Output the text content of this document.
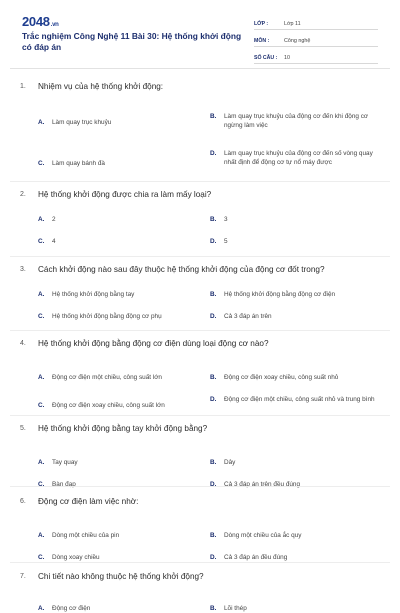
2048.vn
Trắc nghiệm Công Nghệ 11 Bài 30: Hệ thống khởi động có đáp án
LỚP :	Lớp 11
MÔN :	Công nghệ
SỐ CÂU :	10
1.	Nhiệm vụ của hệ thống khởi động:
A.	Làm quay trục khuỷu
B.	Làm quay trục khuỷu của động cơ đến khi động cơ ngừng làm việc
C.	Làm quay bánh đà
D.	Làm quay trục khuỷu của động cơ đến số vòng quay nhất định để động cơ tự nổ máy được
2.	Hệ thống khởi động được chia ra làm mấy loại?
A.	2	B.	3
C.	4	D.	5
3.	Cách khởi động nào sau đây thuộc hệ thống khởi động của động cơ đốt trong?
A.	Hệ thống khởi động bằng tay	B.	Hệ thống khởi động bằng động cơ điện
C.	Hệ thống khởi động bằng động cơ phụ	D.	Cả 3 đáp án trên
4.	Hệ thống khởi động bằng động cơ điện dùng loại động cơ nào?
A.	Động cơ điện một chiều, công suất lớn	B.	Động cơ điện xoay chiều, công suất nhỏ
C.	Động cơ điện xoay chiều, công suất lớn
D.	Động cơ điện một chiều, công suất nhỏ và trung bình
5.	Hệ thống khởi động bằng tay khởi động bằng?
A.	Tay quay	B.	Dây
C.	Bàn đạp	D.	Cả 3 đáp án trên đều đúng
6.	Động cơ điện làm việc nhờ:
A.	Dòng một chiều của pin	B.	Dòng một chiều của ắc quy
C.	Dòng xoay chiều	D.	Cả 3 đáp án đều đúng
7.	Chi tiết nào không thuộc hệ thống khởi động?
A.	Động cơ điện	B.	Lõi thép
